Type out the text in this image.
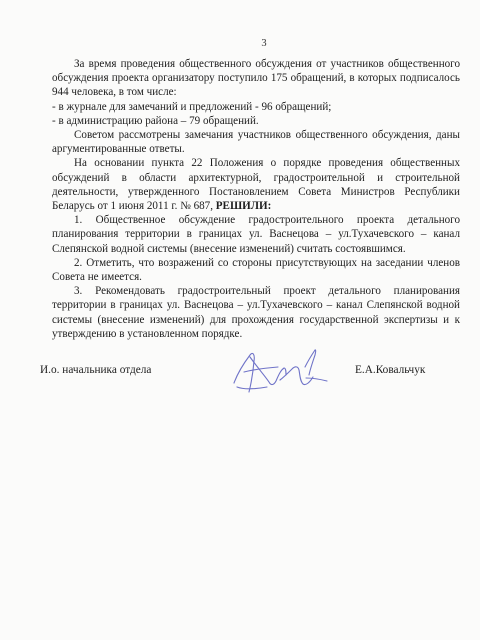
3

За время проведения общественного обсуждения от участников общественного обсуждения проекта организатору поступило 175 обращений, в которых подписалось 944 человека, в том числе:

- в журнале для замечаний и предложений - 96 обращений;

- в администрацию района – 79 обращений.

Советом рассмотрены замечания участников общественного обсуждения, даны аргументированные ответы.

На основании пункта 22 Положения о порядке проведения общественных обсуждений в области архитектурной, градостроительной и строительной деятельности, утвержденного Постановлением Совета Министров Республики Беларусь от 1 июня 2011 г. № 687, РЕШИЛИ:

1. Общественное обсуждение градостроительного проекта детального планирования территории в границах ул. Васнецова – ул.Тухачевского – канал Слепянской водной системы (внесение изменений) считать состоявшимся.

2. Отметить, что возражений со стороны присутствующих на заседании членов Совета не имеется.

3. Рекомендовать градостроительный проект детального планирования территории в границах ул. Васнецова – ул.Тухачевского – канал Слепянской водной системы (внесение изменений) для прохождения государственной экспертизы и к утверждению в установленном порядке.

И.о. начальника отдела	Е.А.Ковальчук
